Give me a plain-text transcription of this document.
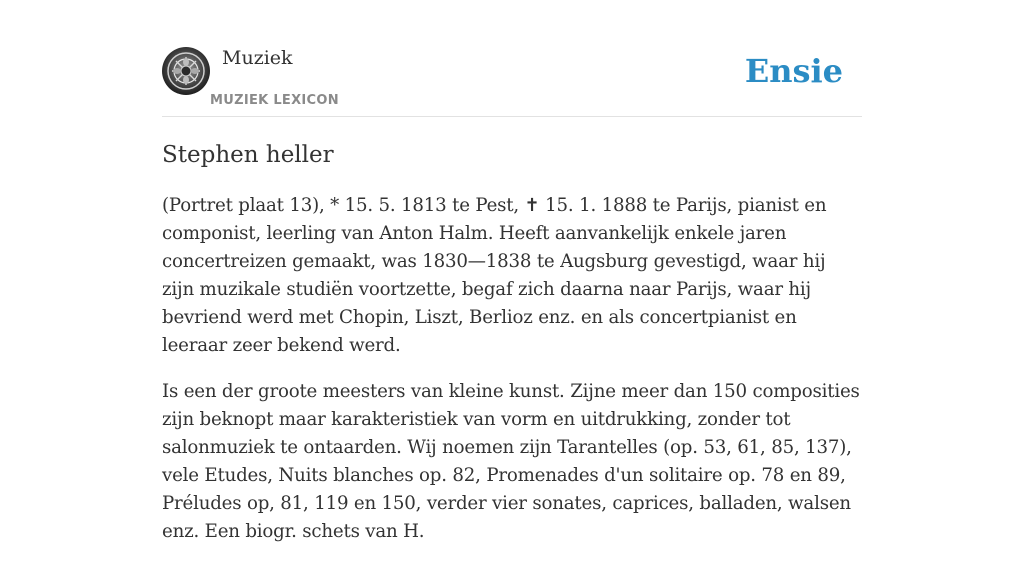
Muziek
MUZIEK LEXICON
Ensie
Stephen heller

(Portret plaat 13), * 15. 5. 1813 te Pest, ✝ 15. 1. 1888 te Parijs, pianist en componist, leerling van Anton Halm. Heeft aanvankelijk enkele jaren concertreizen gemaakt, was 1830—1838 te Augsburg gevestigd, waar hij zijn muzikale studiën voortzette, begaf zich daarna naar Parijs, waar hij bevriend werd met Chopin, Liszt, Berlioz enz. en als concertpianist en leeraar zeer bekend werd.

Is een der groote meesters van kleine kunst. Zijne meer dan 150 composities zijn beknopt maar karakteristiek van vorm en uitdrukking, zonder tot salonmuziek te ontaarden. Wij noemen zijn Tarantelles (op. 53, 61, 85, 137), vele Etudes, Nuits blanches op. 82, Promenades d'un solitaire op. 78 en 89, Préludes op, 81, 119 en 150, verder vier sonates, caprices, balladen, walsen enz. Een biogr. schets van H.
